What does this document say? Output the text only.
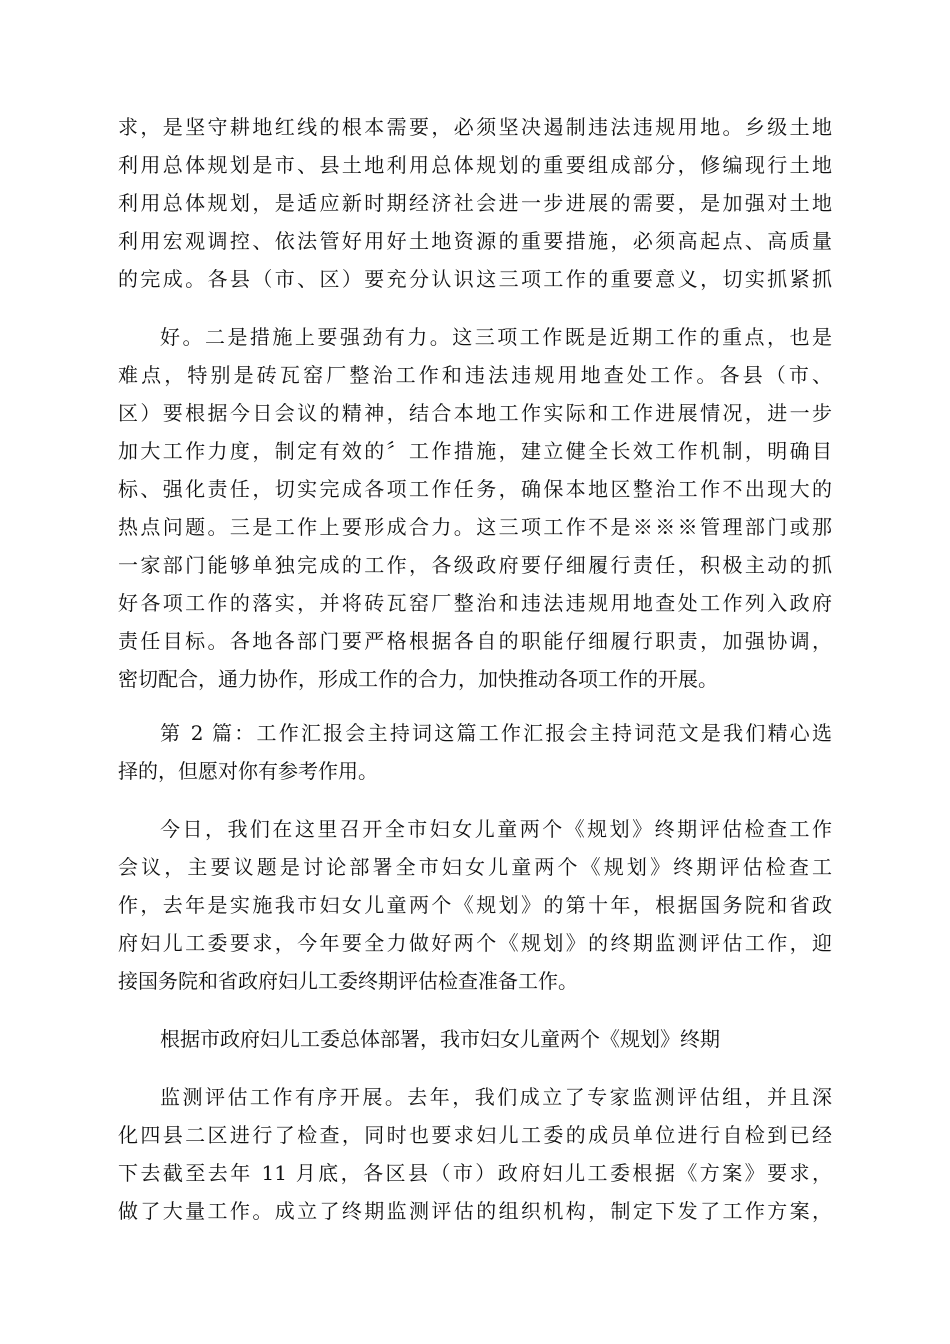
求，是坚守耕地红线的根本需要，必须坚决遏制违法违规用地。乡级土地
利用总体规划是市、县土地利用总体规划的重要组成部分，修编现行土地
利用总体规划，是适应新时期经济社会进一步进展的需要，是加强对土地
利用宏观调控、依法管好用好土地资源的重要措施，必须高起点、高质量
的完成。各县（市、区）要充分认识这三项工作的重要意义，切实抓紧抓
好。二是措施上要强劲有力。这三项工作既是近期工作的重点，也是
难点，特别是砖瓦窑厂整治工作和违法违规用地查处工作。各县（市、
区）要根据今日会议的精神，结合本地工作实际和工作进展情况，进一步
加大工作力度，制定有效的〞工作措施，建立健全长效工作机制，明确目
标、强化责任，切实完成各项工作任务，确保本地区整治工作不出现大的
热点问题。三是工作上要形成合力。这三项工作不是※※※管理部门或那
一家部门能够单独完成的工作，各级政府要仔细履行责任，积极主动的抓
好各项工作的落实，并将砖瓦窑厂整治和违法违规用地查处工作列入政府
责任目标。各地各部门要严格根据各自的职能仔细履行职责，加强协调，
密切配合，通力协作，形成工作的合力，加快推动各项工作的开展。
第 2 篇：工作汇报会主持词这篇工作汇报会主持词范文是我们精心选
择的，但愿对你有参考作用。
今日，我们在这里召开全市妇女儿童两个《规划》终期评估检查工作
会议，主要议题是讨论部署全市妇女儿童两个《规划》终期评估检查工
作，去年是实施我市妇女儿童两个《规划》的第十年，根据国务院和省政
府妇儿工委要求，今年要全力做好两个《规划》的终期监测评估工作，迎
接国务院和省政府妇儿工委终期评估检查准备工作。
根据市政府妇儿工委总体部署，我市妇女儿童两个《规划》终期
监测评估工作有序开展。去年，我们成立了专家监测评估组，并且深
化四县二区进行了检查，同时也要求妇儿工委的成员单位进行自检到已经
下去截至去年 11 月底，各区县（市）政府妇儿工委根据《方案》要求，
做了大量工作。成立了终期监测评估的组织机构，制定下发了工作方案，
